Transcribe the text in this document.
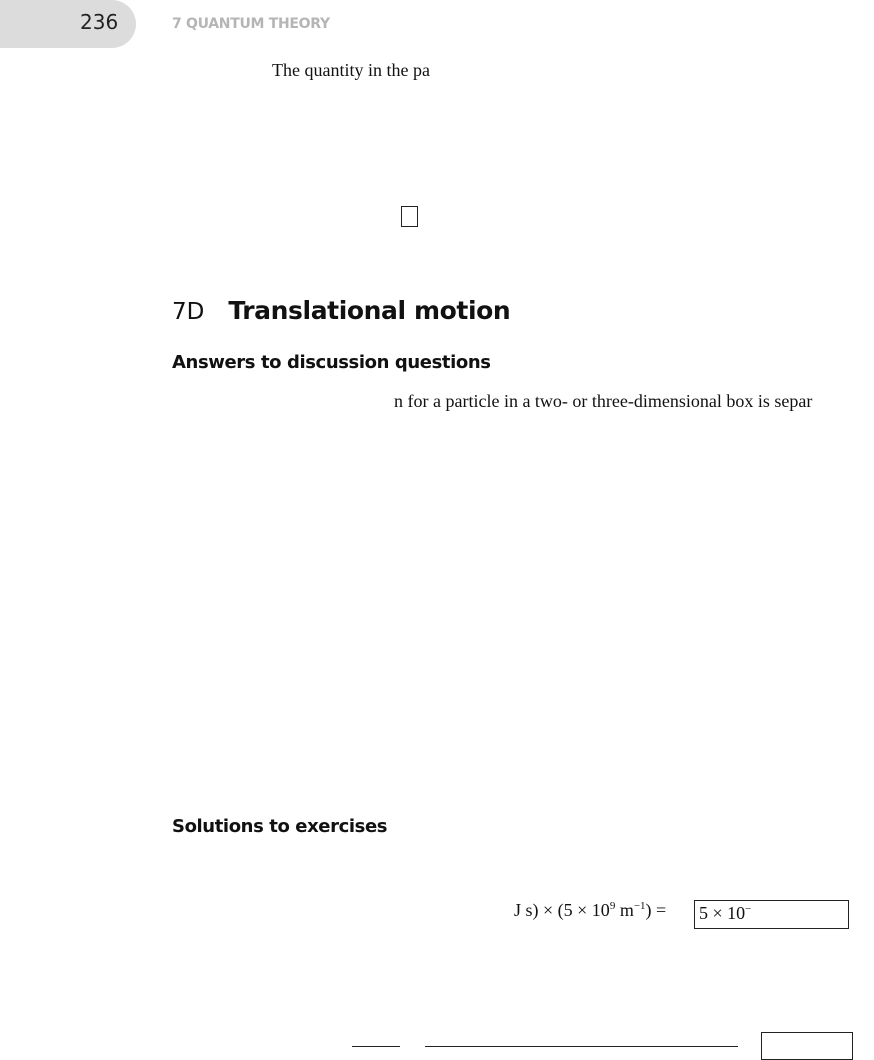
236	7 QUANTUM THEORY
The quantity in the pa
7D Translational motion
Answers to discussion questions
n for a particle in a two- or three-dimensional box is separ
Solutions to exercises
J $s) \times (5 \times 10^9$ $m^{-1}) = 5 \times 10^-$
